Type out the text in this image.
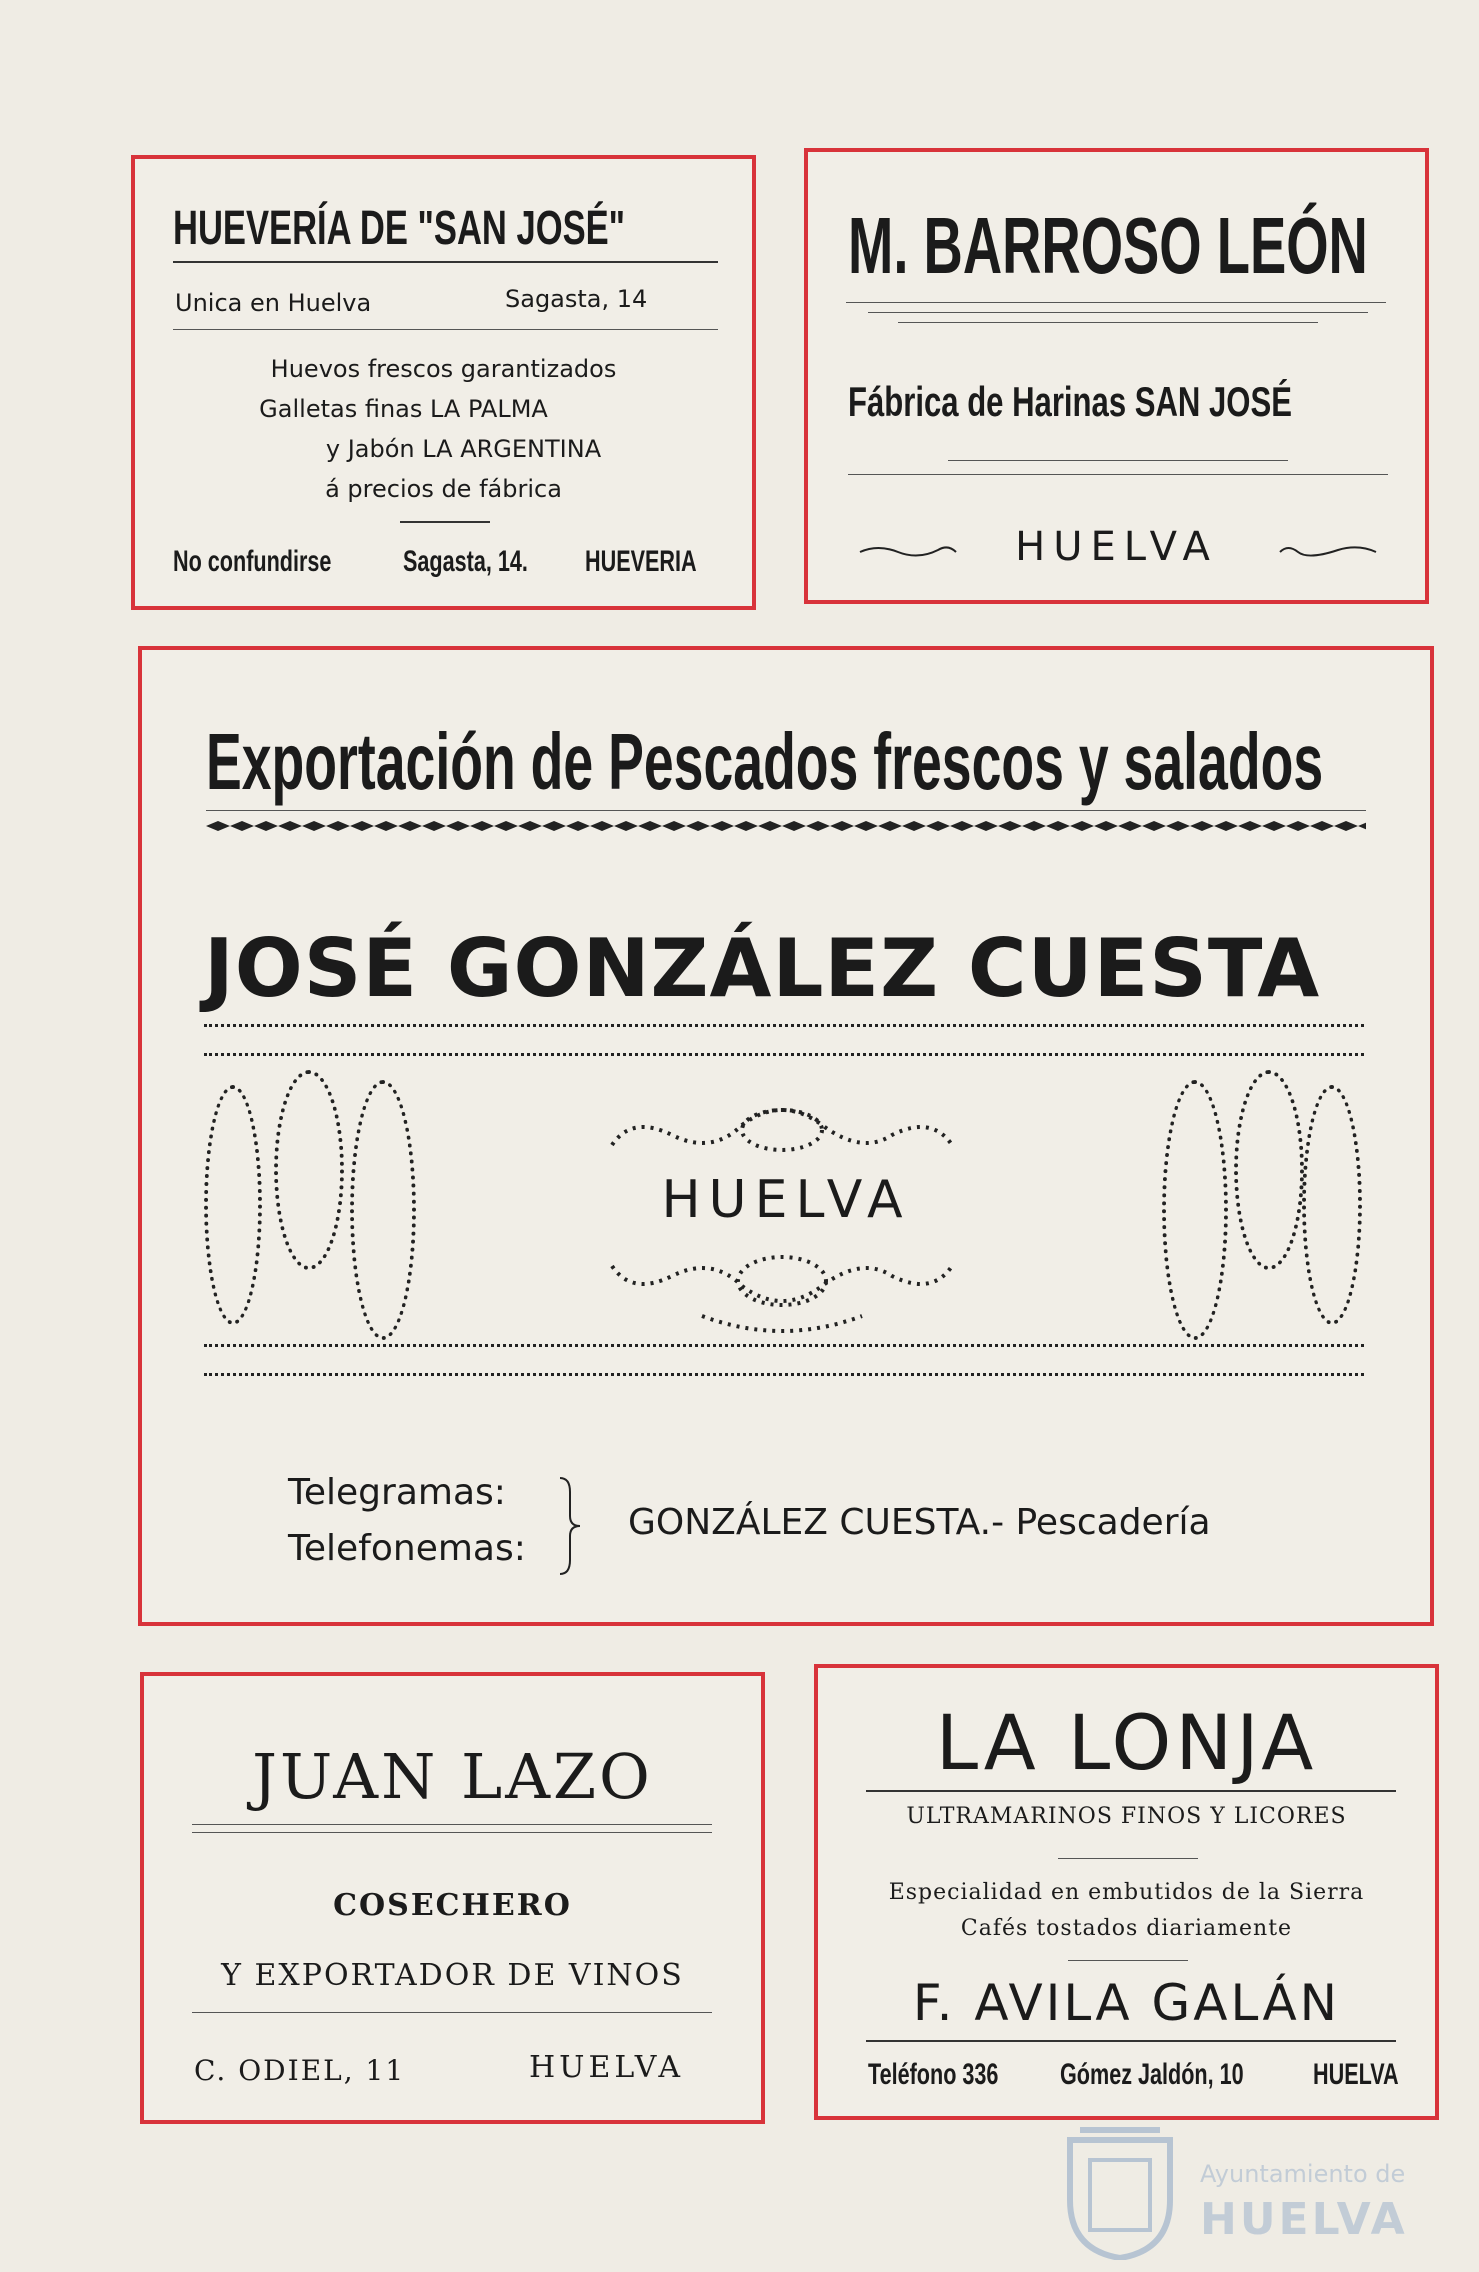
HUEVERÍA DE "SAN JOSÉ"
Unica en Huelva	Sagasta, 14
Huevos frescos garantizados
Galletas finas LA PALMA
y Jabón LA ARGENTINA
á precios de fábrica
No confundirse Sagasta, 14. HUEVERIA
M. BARROSO LEÓN
Fábrica de Harinas SAN JOSÉ
HUELVA
Exportación de Pescados frescos y salados
JOSÉ GONZÁLEZ CUESTA
HUELVA
Telegramas:
Telefonemas:
GONZÁLEZ CUESTA.- Pescadería
JUAN LAZO
COSECHERO
Y EXPORTADOR DE VINOS
C. ODIEL, 11	HUELVA
LA LONJA
ULTRAMARINOS FINOS Y LICORES
Especialidad en embutidos de la Sierra
Cafés tostados diariamente
F. AVILA GALÁN
Teléfono 336 Gómez Jaldón, 10 HUELVA
Ayuntamiento de
HUELVA
